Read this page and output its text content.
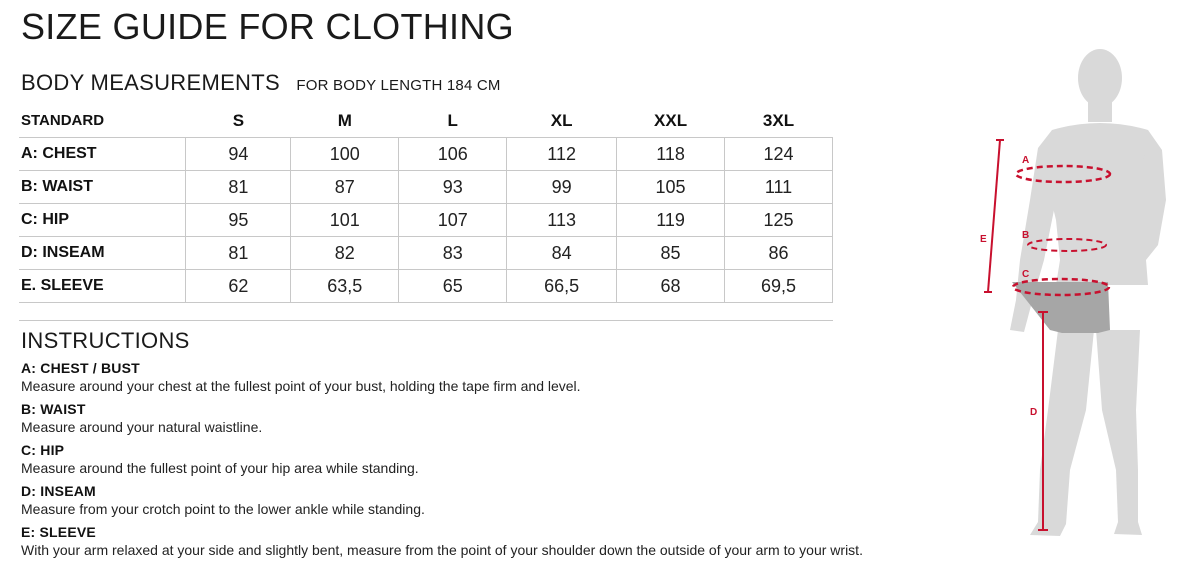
SIZE GUIDE FOR CLOTHING
BODY MEASUREMENTS FOR BODY LENGTH 184 CM
STANDARD	S	M	L	XL	XXL	3XL
A: CHEST	94	100	106	112	118	124
B: WAIST	81	87	93	99	105	111
C: HIP	95	101	107	113	119	125
D: INSEAM	81	82	83	84	85	86
E. SLEEVE	62	63,5	65	66,5	68	69,5
INSTRUCTIONS
A: CHEST / BUST
Measure around your chest at the fullest point of your bust, holding the tape firm and level.
B: WAIST
Measure around your natural waistline.
C: HIP
Measure around the fullest point of your hip area while standing.
D: INSEAM
Measure from your crotch point to the lower ankle while standing.
E: SLEEVE
With your arm relaxed at your side and slightly bent, measure from the point of your shoulder down the outside of your arm to your wrist.
A
B
C
D
E
